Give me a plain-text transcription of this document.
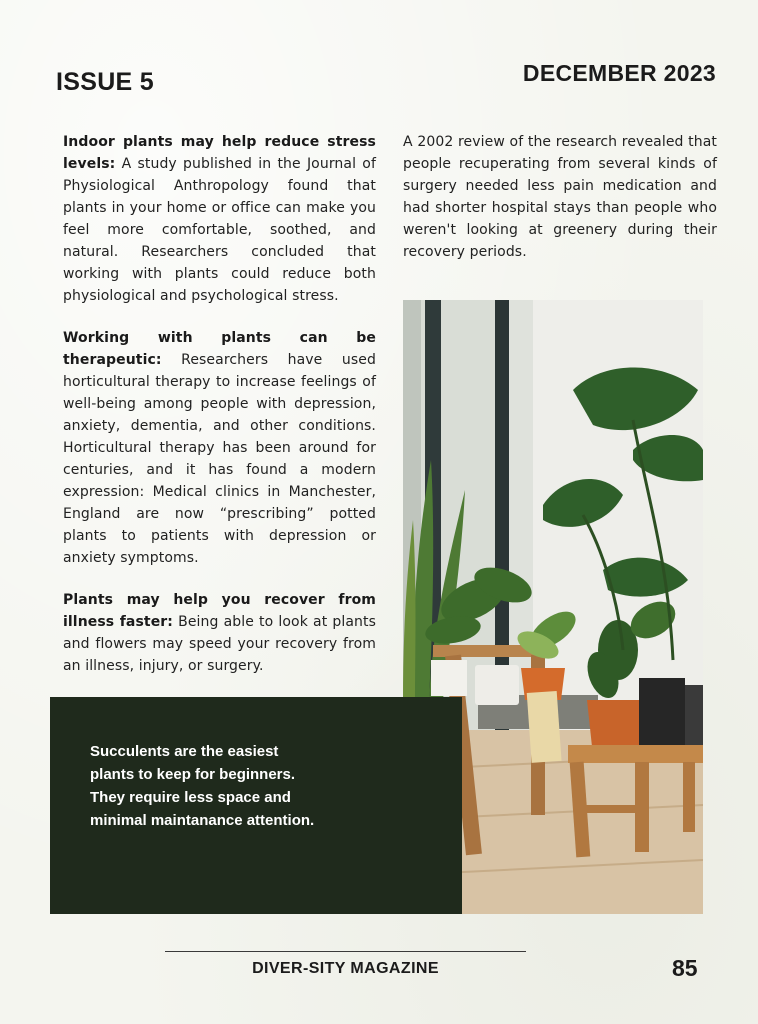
ISSUE 5	DECEMBER 2023

Indoor plants may help reduce stress levels: A study published in the Journal of Physiological Anthropology found that plants in your home or office can make you feel more comfortable, soothed, and natural. Researchers concluded that working with plants could reduce both physiological and psychological stress.

Working with plants can be therapeutic: Researchers have used horticultural therapy to increase feelings of well-being among people with depression, anxiety, dementia, and other conditions. Horticultural therapy has been around for centuries, and it has found a modern expression: Medical clinics in Manchester, England are now “prescribing” potted plants to patients with depression or anxiety symptoms.

Plants may help you recover from illness faster: Being able to look at plants and flowers may speed your recovery from an illness, injury, or surgery.

A 2002 review of the research revealed that people recuperating from several kinds of surgery needed less pain medication and had shorter hospital stays than people who weren't looking at greenery during their recovery periods.

Succulents are the easiest plants to keep for beginners. They require less space and minimal maintanance attention.
DIVER-SITY MAGAZINE	85
